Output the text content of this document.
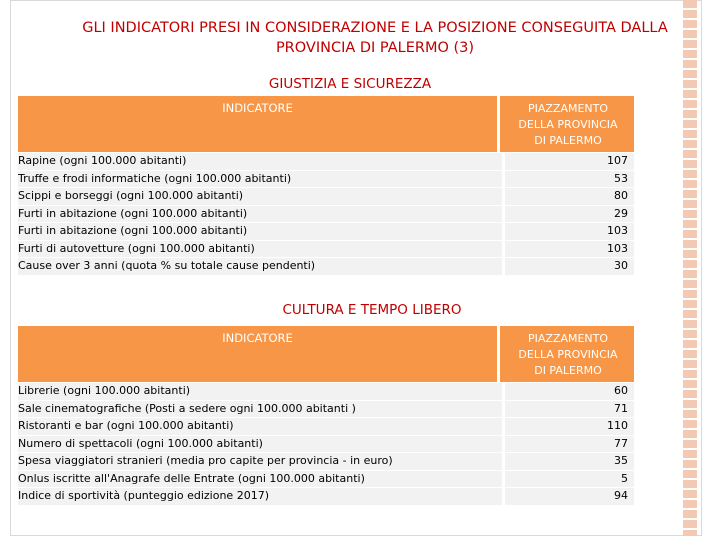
GLI INDICATORI PRESI IN CONSIDERAZIONE E LA POSIZIONE CONSEGUITA DALLA
PROVINCIA DI PALERMO (3)
GIUSTIZIA E SICUREZZA
INDICATORE	PIAZZAMENTO
DELLA PROVINCIA
DI PALERMO
Rapine (ogni 100.000 abitanti)	107
Truffe e frodi informatiche (ogni 100.000 abitanti)	53
Scippi e borseggi (ogni 100.000 abitanti)	80
Furti in abitazione (ogni 100.000 abitanti)	29
Furti in abitazione (ogni 100.000 abitanti)	103
Furti di autovetture (ogni 100.000 abitanti)	103
Cause over 3 anni (quota % su totale cause pendenti)	30
CULTURA E TEMPO LIBERO
INDICATORE	PIAZZAMENTO
DELLA PROVINCIA
DI PALERMO
Librerie (ogni 100.000 abitanti)	60
Sale cinematografiche (Posti a sedere ogni 100.000 abitanti )	71
Ristoranti e bar (ogni 100.000 abitanti)	110
Numero di spettacoli (ogni 100.000 abitanti)	77
Spesa viaggiatori stranieri (media pro capite per provincia - in euro)	35
Onlus iscritte all'Anagrafe delle Entrate (ogni 100.000 abitanti)	5
Indice di sportività (punteggio edizione 2017)	94
